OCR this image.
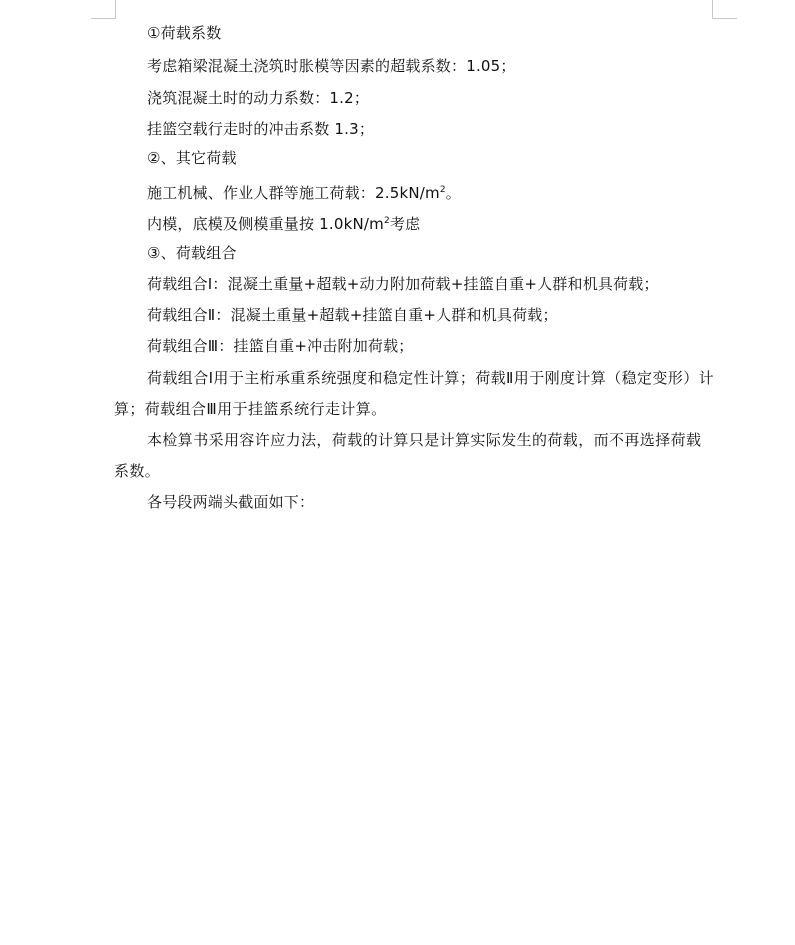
①荷载系数

考虑箱梁混凝土浇筑时胀模等因素的超载系数：1.05；

浇筑混凝土时的动力系数：1.2；

挂篮空载行走时的冲击系数 1.3；

②、其它荷载

施工机械、作业人群等施工荷载：$2.5kN/m^2$。

内模，底模及侧模重量按 $1.0kN/m^2$考虑

③、荷载组合

荷载组合Ⅰ：混凝土重量+超载+动力附加荷载+挂篮自重+人群和机具荷载；

荷载组合Ⅱ：混凝土重量+超载+挂篮自重+人群和机具荷载；

荷载组合Ⅲ：挂篮自重+冲击附加荷载；

荷载组合Ⅰ用于主桁承重系统强度和稳定性计算；荷载Ⅱ用于刚度计算（稳定变形）计算；荷载组合Ⅲ用于挂篮系统行走计算。

本检算书采用容许应力法，荷载的计算只是计算实际发生的荷载，而不再选择荷载系数。

各号段两端头截面如下：
